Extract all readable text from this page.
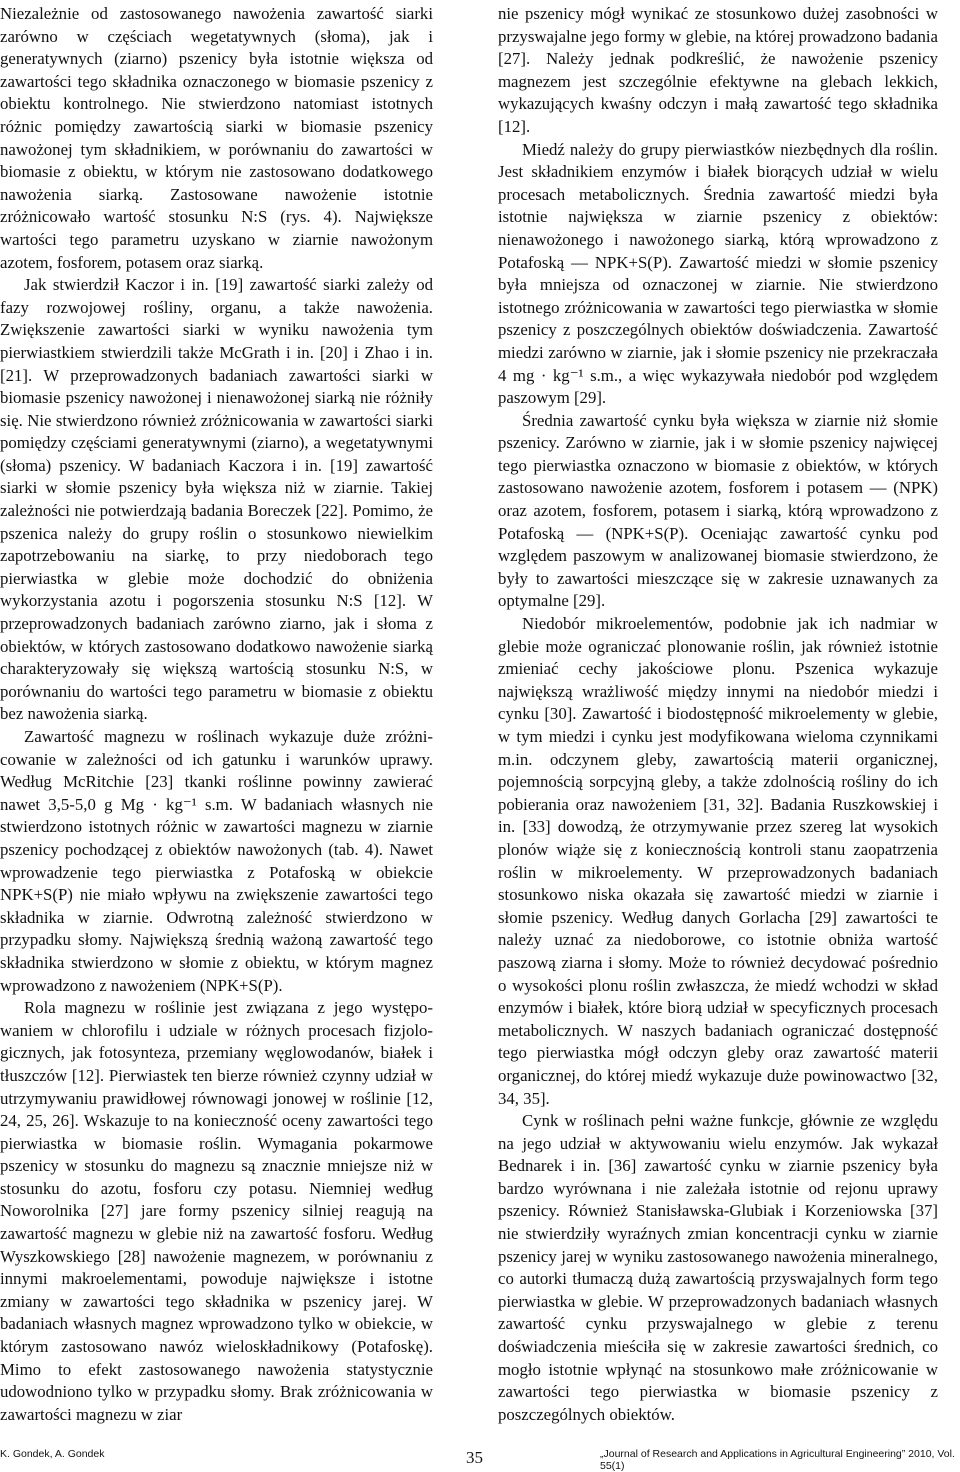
Niezależnie od zastosowanego nawożenia zawartość siarki zarówno w częściach wegetatywnych (słoma), jak i generatywnych (ziarno) pszenicy była istotnie większa od zawartości tego składnika oznaczonego w biomasie pszenicy z obiektu kontrolnego. Nie stwierdzono natomiast istotnych różnic pomiędzy zawartością siarki w biomasie pszenicy nawożonej tym składnikiem, w porównaniu do zawartości w biomasie z obiektu, w którym nie zastosowano dodatkowego nawożenia siarką. Zastosowane nawożenie istotnie zróżnicowało wartość stosunku N:S (rys. 4). Największe wartości tego parametru uzyskano w ziarnie nawożonym azotem, fosforem, potasem oraz siarką.

Jak stwierdził Kaczor i in. [19] zawartość siarki zależy od fazy rozwojowej rośliny, organu, a także nawożenia. Zwiększenie zawartości siarki w wyniku nawożenia tym pierwiastkiem stwierdzili także McGrath i in. [20] i Zhao i in. [21]. W przeprowadzonych badaniach zawartości siarki w biomasie pszenicy nawożonej i nienawożonej siarką nie różniły się. Nie stwierdzono również zróżnicowania w zawartości siarki pomiędzy częściami generatywnymi (ziarno), a wegetatywnymi (słoma) pszenicy. W badaniach Kaczora i in. [19] zawartość siarki w słomie pszenicy była większa niż w ziarnie. Takiej zależności nie potwierdzają badania Boreczek [22]. Pomimo, że pszenica należy do grupy roślin o stosunkowo niewielkim zapotrzebowaniu na siarkę, to przy niedoborach tego pierwiastka w glebie może dochodzić do obniżenia wykorzystania azotu i pogorszenia stosunku N:S [12]. W przeprowadzonych badaniach zarówno ziarno, jak i słoma z obiektów, w których zastosowano dodatkowo nawożenie siarką charakteryzowały się większą wartością stosunku N:S, w porównaniu do wartości tego parametru w biomasie z obiektu bez nawożenia siarką.

Zawartość magnezu w roślinach wykazuje duże zróżnicowanie w zależności od ich gatunku i warunków uprawy. Według McRitchie [23] tkanki roślinne powinny zawierać nawet 3,5-5,0 g Mg · kg⁻¹ s.m. W badaniach własnych nie stwierdzono istotnych różnic w zawartości magnezu w ziarnie pszenicy pochodzącej z obiektów nawożonych (tab. 4). Nawet wprowadzenie tego pierwiastka z Potafoską w obiekcie NPK+S(P) nie miało wpływu na zwiększenie zawartości tego składnika w ziarnie. Odwrotną zależność stwierdzono w przypadku słomy. Największą średnią ważoną zawartość tego składnika stwierdzono w słomie z obiektu, w którym magnez wprowadzono z nawożeniem (NPK+S(P).

Rola magnezu w roślinie jest związana z jego występowaniem w chlorofilu i udziale w różnych procesach fizjologicznych, jak fotosynteza, przemiany węglowodanów, białek i tłuszczów [12]. Pierwiastek ten bierze również czynny udział w utrzymywaniu prawidłowej równowagi jonowej w roślinie [12, 24, 25, 26]. Wskazuje to na konieczność oceny zawartości tego pierwiastka w biomasie roślin. Wymagania pokarmowe pszenicy w stosunku do magnezu są znacznie mniejsze niż w stosunku do azotu, fosforu czy potasu. Niemniej według Noworolnika [27] jare formy pszenicy silniej reagują na zawartość magnezu w glebie niż na zawartość fosforu. Według Wyszkowskiego [28] nawożenie magnezem, w porównaniu z innymi makroelementami, powoduje największe i istotne zmiany w zawartości tego składnika w pszenicy jarej. W badaniach własnych magnez wprowadzono tylko w obiekcie, w którym zastosowano nawóz wieloskładnikowy (Potafoskę). Mimo to efekt zastosowanego nawożenia statystycznie udowodniono tylko w przypadku słomy. Brak zróżnicowania w zawartości magnezu w ziar

nie pszenicy mógł wynikać ze stosunkowo dużej zasobności w przyswajalne jego formy w glebie, na której prowadzono badania [27]. Należy jednak podkreślić, że nawożenie pszenicy magnezem jest szczególnie efektywne na glebach lekkich, wykazujących kwaśny odczyn i małą zawartość tego składnika [12].

Miedź należy do grupy pierwiastków niezbędnych dla roślin. Jest składnikiem enzymów i białek biorących udział w wielu procesach metabolicznych. Średnia zawartość miedzi była istotnie największa w ziarnie pszenicy z obiektów: nienawożonego i nawożonego siarką, którą wprowadzono z Potafoską — NPK+S(P). Zawartość miedzi w słomie pszenicy była mniejsza od oznaczonej w ziarnie. Nie stwierdzono istotnego zróżnicowania w zawartości tego pierwiastka w słomie pszenicy z poszczególnych obiektów doświadczenia. Zawartość miedzi zarówno w ziarnie, jak i słomie pszenicy nie przekraczała 4 mg · kg⁻¹ s.m., a więc wykazywała niedobór pod względem paszowym [29].

Średnia zawartość cynku była większa w ziarnie niż słomie pszenicy. Zarówno w ziarnie, jak i w słomie pszenicy najwięcej tego pierwiastka oznaczono w biomasie z obiektów, w których zastosowano nawożenie azotem, fosforem i potasem — (NPK) oraz azotem, fosforem, potasem i siarką, którą wprowadzono z Potafoską — (NPK+S(P). Oceniając zawartość cynku pod względem paszowym w analizowanej biomasie stwierdzono, że były to zawartości mieszczące się w zakresie uznawanych za optymalne [29].

Niedobór mikroelementów, podobnie jak ich nadmiar w glebie może ograniczać plonowanie roślin, jak również istotnie zmieniać cechy jakościowe plonu. Pszenica wykazuje największą wrażliwość między innymi na niedobór miedzi i cynku [30]. Zawartość i biodostępność mikroelementy w glebie, w tym miedzi i cynku jest modyfikowana wieloma czynnikami m.in. odczynem gleby, zawartością materii organicznej, pojemnością sorpcyjną gleby, a także zdolnością rośliny do ich pobierania oraz nawożeniem [31, 32]. Badania Ruszkowskiej i in. [33] dowodzą, że otrzymywanie przez szereg lat wysokich plonów wiąże się z koniecznością kontroli stanu zaopatrzenia roślin w mikroelementy. W przeprowadzonych badaniach stosunkowo niska okazała się zawartość miedzi w ziarnie i słomie pszenicy. Według danych Gorlacha [29] zawartości te należy uznać za niedoborowe, co istotnie obniża wartość paszową ziarna i słomy. Może to również decydować pośrednio o wysokości plonu roślin zwłaszcza, że miedź wchodzi w skład enzymów i białek, które biorą udział w specyficznych procesach metabolicznych. W naszych badaniach ograniczać dostępność tego pierwiastka mógł odczyn gleby oraz zawartość materii organicznej, do której miedź wykazuje duże powinowactwo [32, 34, 35].

Cynk w roślinach pełni ważne funkcje, głównie ze względu na jego udział w aktywowaniu wielu enzymów. Jak wykazał Bednarek i in. [36] zawartość cynku w ziarnie pszenicy była bardzo wyrównana i nie zależała istotnie od rejonu uprawy pszenicy. Również Stanisławska-Glubiak i Korzeniowska [37] nie stwierdziły wyraźnych zmian koncentracji cynku w ziarnie pszenicy jarej w wyniku zastosowanego nawożenia mineralnego, co autorki tłumaczą dużą zawartością przyswajalnych form tego pierwiastka w glebie. W przeprowadzonych badaniach własnych zawartość cynku przyswajalnego w glebie z terenu doświadczenia mieściła się w zakresie zawartości średnich, co mogło istotnie wpłynąć na stosunkowo małe zróżnicowanie w zawartości tego pierwiastka w biomasie pszenicy z poszczególnych obiektów.

K. Gondek, A. Gondek	35	„Journal of Research and Applications in Agricultural Engineering” 2010, Vol. 55(1)
